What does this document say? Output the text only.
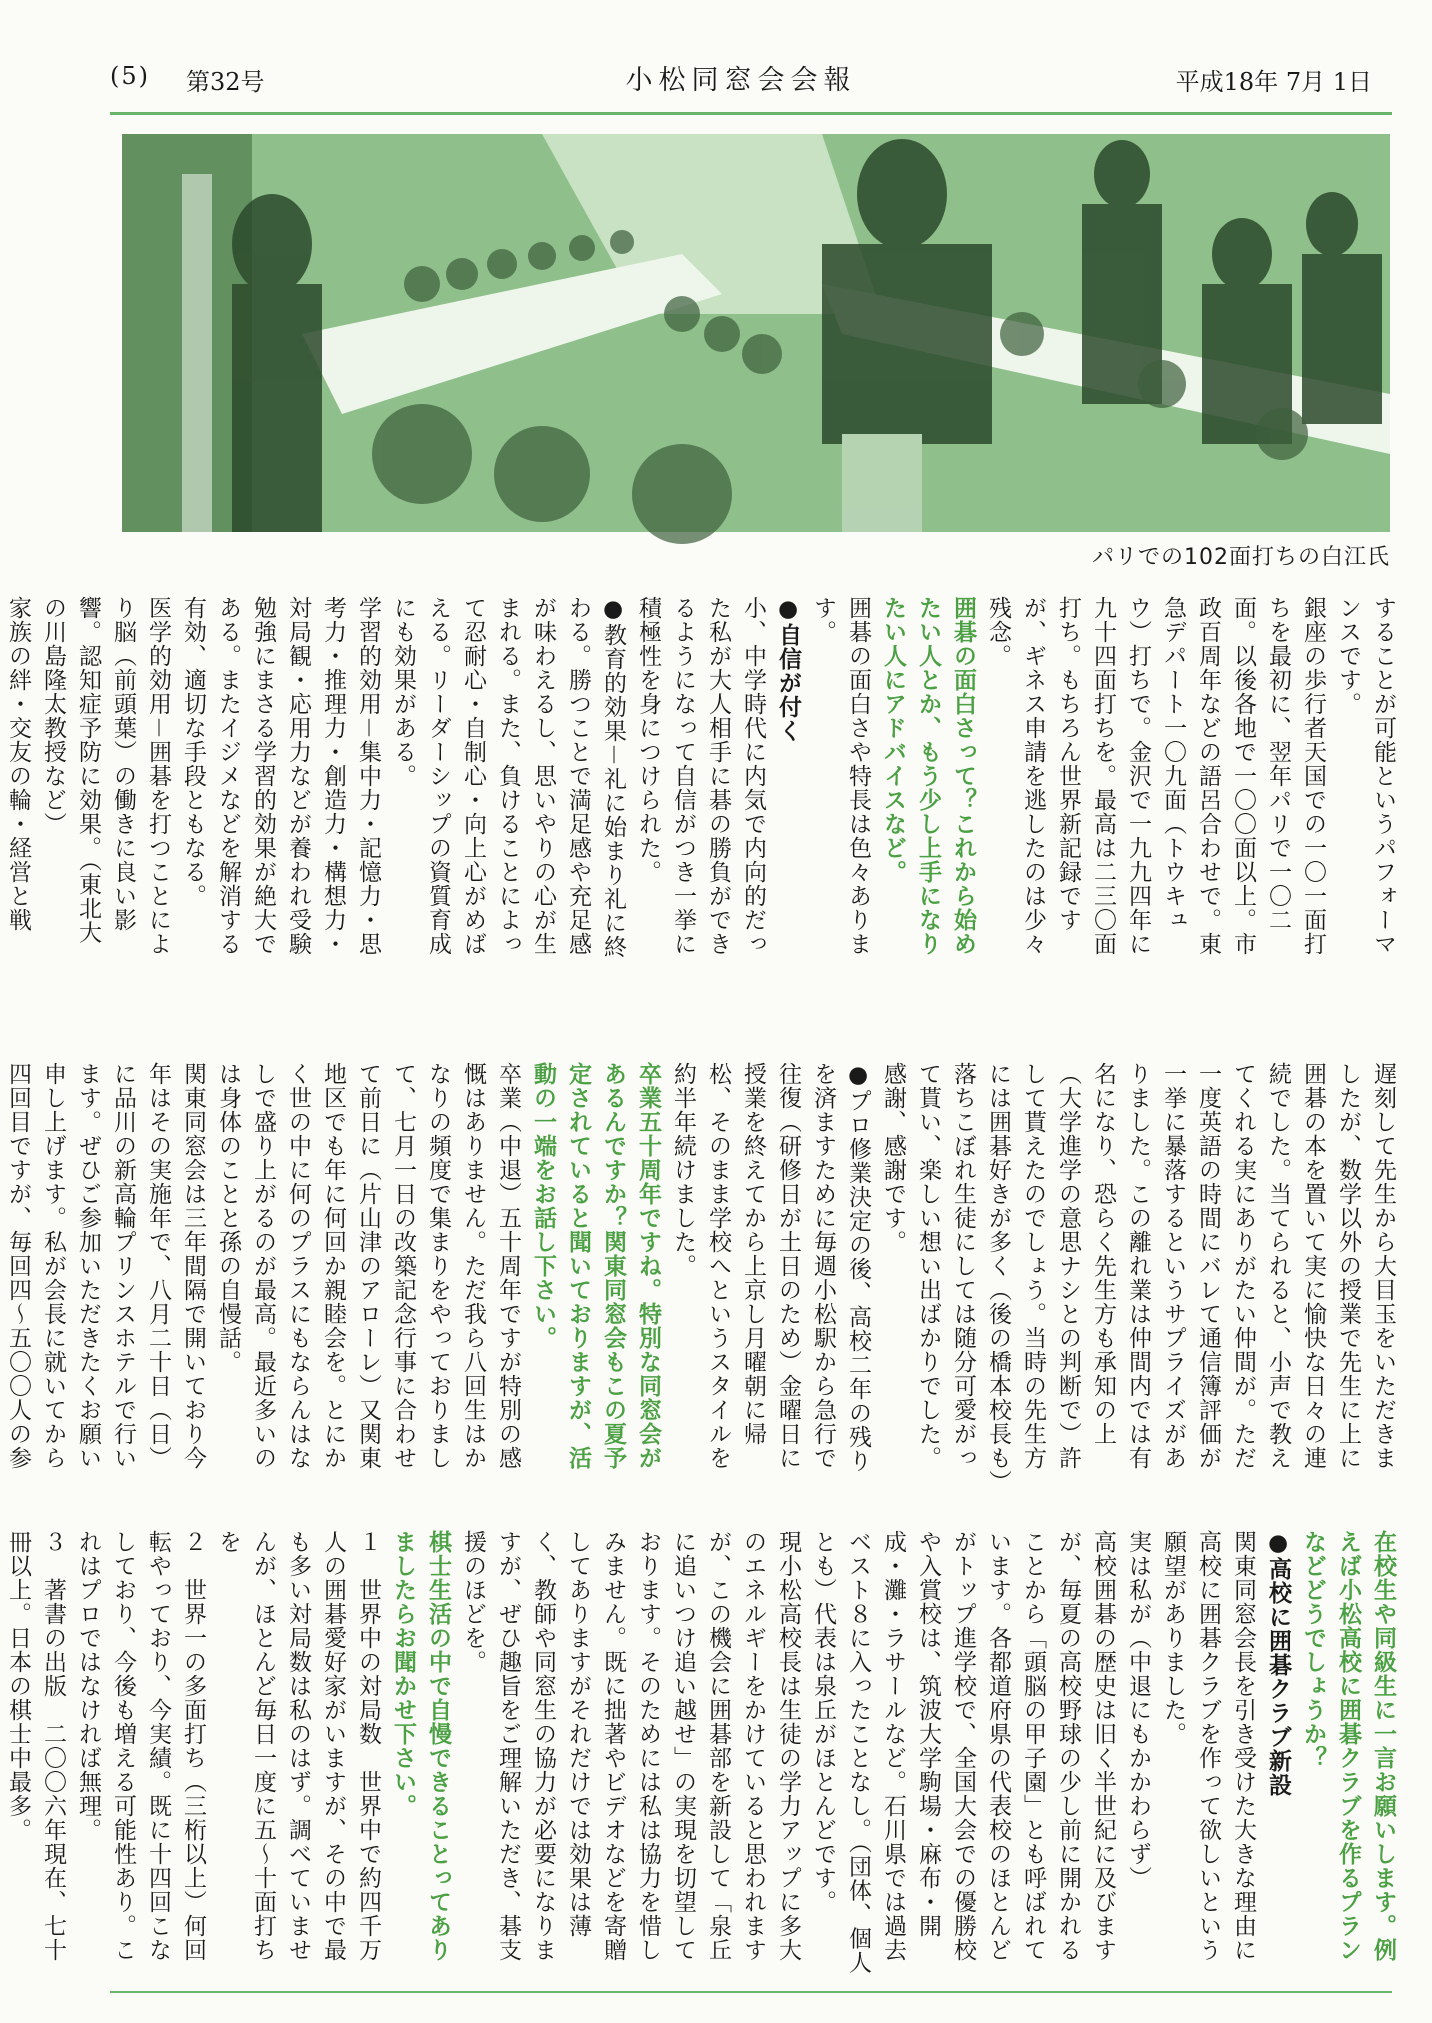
(5) 第32号	小松同窓会会報	平成18年 7月 1日
パリでの102面打ちの白江氏
することが可能というパフォーマンスです。
銀座の歩行者天国での一〇一面打ちを最初に、翌年パリで一〇二面。以後各地で一〇〇面以上。市政百周年などの語呂合わせで。東急デパート一〇九面（トウキュウ）打ちで。金沢で一九九四年に九十四面打ちを。最高は二三〇面打ち。もちろん世界新記録ですが、ギネス申請を逃したのは少々残念。
囲碁の面白さって？これから始めたい人とか、もう少し上手になりたい人にアドバイスなど。
囲碁の面白さや特長は色々あります。
●自信が付く
小、中学時代に内気で内向的だった私が大人相手に碁の勝負ができるようになって自信がつき一挙に積極性を身につけられた。
●教育的効果－礼に始まり礼に終わる。勝つことで満足感や充足感が味わえるし、思いやりの心が生まれる。また、負けることによって忍耐心・自制心・向上心がめばえる。リーダーシップの資質育成にも効果がある。
学習的効用－集中力・記憶力・思考力・推理力・創造力・構想力・対局観・応用力などが養われ受験勉強にまさる学習的効果が絶大である。またイジメなどを解消する有効、適切な手段ともなる。
医学的効用－囲碁を打つことにより脳（前頭葉）の働きに良い影響。認知症予防に効果。（東北大の川島隆太教授など）
家族の絆・交友の輪・経営と戦

遅刻して先生から大目玉をいただきましたが、数学以外の授業で先生に上に囲碁の本を置いて実に愉快な日々の連続でした。当てられると、小声で教えてくれる実にありがたい仲間が。ただ一度英語の時間にバレて通信簿評価が一挙に暴落するというサプライズがありました。この離れ業は仲間内では有名になり、恐らく先生方も承知の上（大学進学の意思ナシとの判断で）許して貰えたのでしょう。当時の先生方には囲碁好きが多く（後の橋本校長も）落ちこぼれ生徒にしては随分可愛がって貰い、楽しい想い出ばかりでした。感謝、感謝です。
●プロ修業決定の後、高校二年の残りを済ますために毎週小松駅から急行で往復（研修日が土日のため）金曜日に授業を終えてから上京し月曜朝に帰松、そのまま学校へというスタイルを約半年続けました。
卒業五十周年ですね。特別な同窓会があるんですか？関東同窓会もこの夏予定されていると聞いておりますが、活動の一端をお話し下さい。
卒業（中退）五十周年ですが特別の感慨はありません。ただ我ら八回生はかなりの頻度で集まりをやっておりまして、七月一日の改築記念行事に合わせて前日に（片山津のアローレ）又関東地区でも年に何回か親睦会を。とにかく世の中に何のプラスにもならんはなしで盛り上がるのが最高。最近多いのは身体のことと孫の自慢話。
関東同窓会は三年間隔で開いており今年はその実施年で、八月二十日（日）に品川の新高輪プリンスホテルで行います。ぜひご参加いただきたくお願い申し上げます。私が会長に就いてから四回目ですが、毎回四～五〇〇人の参

在校生や同級生に一言お願いします。例えば小松高校に囲碁クラブを作るプランなどどうでしょうか？
●高校に囲碁クラブ新設
関東同窓会長を引き受けた大きな理由に高校に囲碁クラブを作って欲しいという願望がありました。
実は私が（中退にもかかわらず）
高校囲碁の歴史は旧く半世紀に及びますが、毎夏の高校野球の少し前に開かれることから「頭脳の甲子園」とも呼ばれています。各都道府県の代表校のほとんどがトップ進学校で、全国大会での優勝校や入賞校は、筑波大学駒場・麻布・開成・灘・ラサールなど。石川県では過去ベスト８に入ったことなし。（団体、個人とも）代表は泉丘がほとんどです。
現小松高校長は生徒の学力アップに多大のエネルギーをかけていると思われますが、この機会に囲碁部を新設して「泉丘に追いつけ追い越せ」の実現を切望しております。そのためには私は協力を惜しみません。既に拙著やビデオなどを寄贈してありますがそれだけでは効果は薄く、教師や同窓生の協力が必要になりますが、ぜひ趣旨をご理解いただき、碁支援のほどを。
棋士生活の中で自慢できることってありましたらお聞かせ下さい。
１　世界中の対局数　世界中で約四千万人の囲碁愛好家がいますが、その中で最も多い対局数は私のはず。調べていませんが、ほとんど毎日一度に五～十面打ちを
２　世界一の多面打ち（三桁以上）何回転やっており、今実績。既に十四回こなしており、今後も増える可能性あり。これはプロではなければ無理。
３　著書の出版　二〇〇六年現在、七十冊以上。日本の棋士中最多。
